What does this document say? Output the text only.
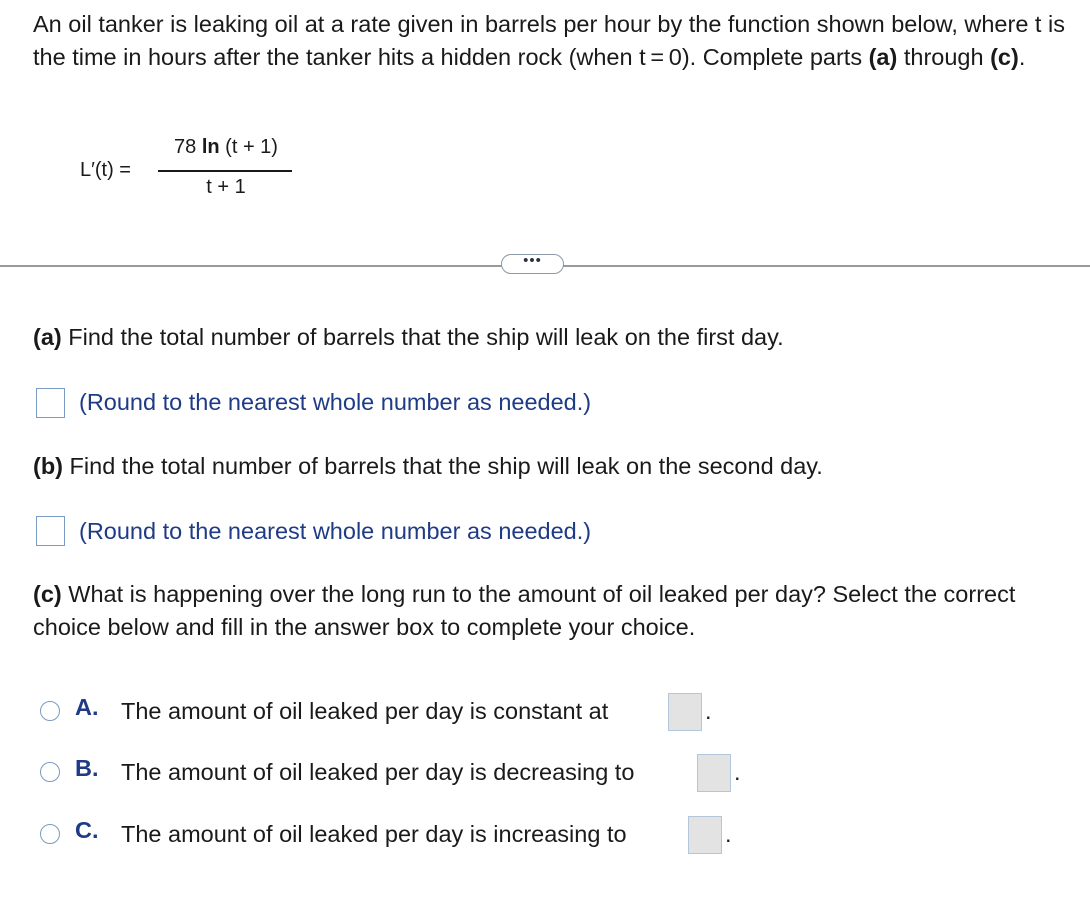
An oil tanker is leaking oil at a rate given in barrels per hour by the function shown below, where t is the time in hours after the tanker hits a hidden rock (when t = 0). Complete parts (a) through (c).
L′(t) =
78 ln (t + 1)
t + 1
•••
(a) Find the total number of barrels that the ship will leak on the first day.
(Round to the nearest whole number as needed.)
(b) Find the total number of barrels that the ship will leak on the second day.
(Round to the nearest whole number as needed.)
(c) What is happening over the long run to the amount of oil leaked per day? Select the correct choice below and fill in the answer box to complete your choice.
A. The amount of oil leaked per day is constant at	.
B. The amount of oil leaked per day is decreasing to	.
C. The amount of oil leaked per day is increasing to	.
